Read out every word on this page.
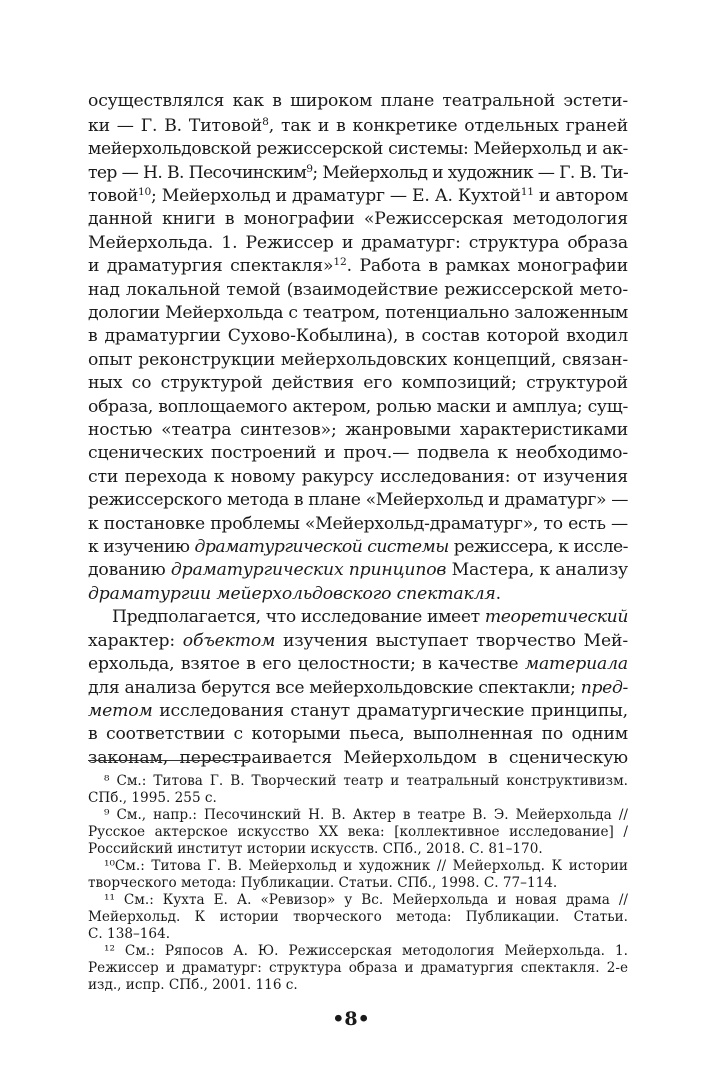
осуществлялся как в широком плане театральной эстети-
ки — Г. В. Титовой$^8$, так и в конкретике отдельных граней
мейерхольдовской режиссерской системы: Мейерхольд и ак-
тер — Н. В. Песочинским$^9$; Мейерхольд и художник — Г. В. Ти-
товой$^{10}$; Мейерхольд и драматург — Е. А. Кухтой$^{11}$ и автором
данной книги в монографии «Режиссерская методология
Мейерхольда. 1. Режиссер и драматург: структура образа
и драматургия спектакля»$^{12}$. Работа в рамках монографии
над локальной темой (взаимодействие режиссерской мето-
дологии Мейерхольда с театром, потенциально заложенным
в драматургии Сухово-Кобылина), в состав которой входил
опыт реконструкции мейерхольдовских концепций, связан-
ных со структурой действия его композиций; структурой
образа, воплощаемого актером, ролью маски и амплуа; сущ-
ностью «театра синтезов»; жанровыми характеристиками
сценических построений и проч.— подвела к необходимо-
сти перехода к новому ракурсу исследования: от изучения
режиссерского метода в плане «Мейерхольд и драматург» —
к постановке проблемы «Мейерхольд-драматург», то есть —
к изучению драматургической системы режиссера, к иссле-
дованию драматургических принципов Мастера, к анализу
драматургии мейерхольдовского спектакля.
Предполагается, что исследование имеет теоретический
характер: объектом изучения выступает творчество Мей-
ерхольда, взятое в его целостности; в качестве материала
для анализа берутся все мейерхольдовские спектакли; пред-
метом исследования станут драматургические принципы,
в соответствии с которыми пьеса, выполненная по одним
законам, перестраивается Мейерхольдом в сценическую
⁸ См.: Титова Г. В. Творческий театр и театральный конструктивизм.
СПб., 1995. 255 с.
⁹ См., напр.: Песочинский Н. В. Актер в театре В. Э. Мейерхольда //
Русское актерское искусство XX века: [коллективное исследование] /
Российский институт истории искусств. СПб., 2018. С. 81–170.
¹⁰См.: Титова Г. В. Мейерхольд и художник // Мейерхольд. К истории
творческого метода: Публикации. Статьи. СПб., 1998. С. 77–114.
¹¹ См.: Кухта Е. А. «Ревизор» у Вс. Мейерхольда и новая драма //
Мейерхольд. К истории творческого метода: Публикации. Статьи.
С. 138–164.
¹² См.: Ряпосов А. Ю. Режиссерская методология Мейерхольда. 1.
Режиссер и драматург: структура образа и драматургия спектакля. 2-е
изд., испр. СПб., 2001. 116 с.
•8•
